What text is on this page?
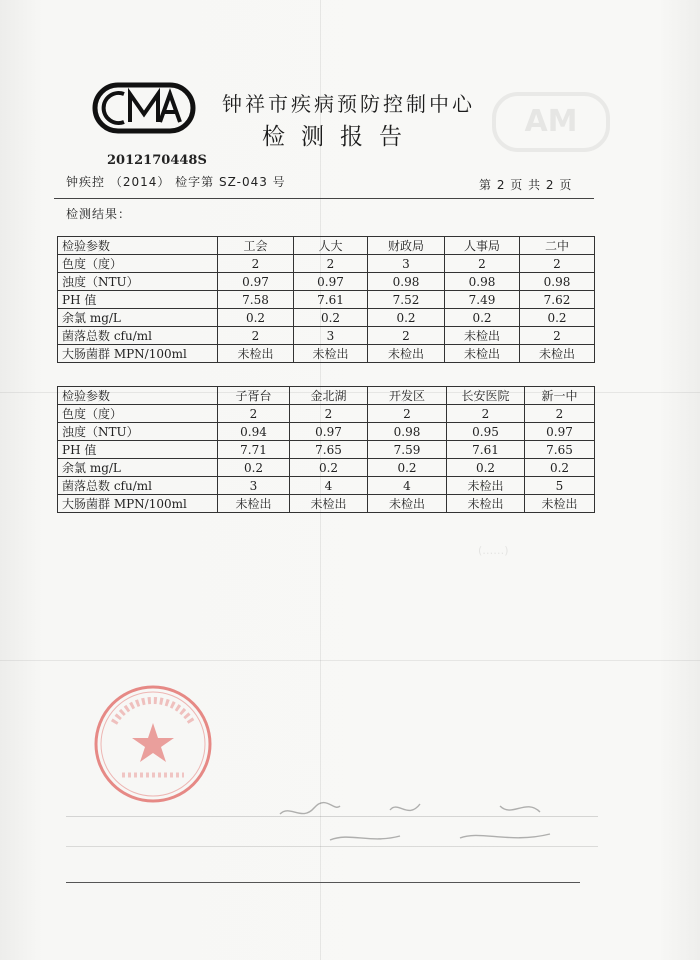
MA
钟祥市疾病预防控制中心
检测报告
2012170448S
钟疾控 （2014） 检字第 SZ-043 号	第 2 页 共 2 页
检测结果：
检验参数	工会	人大	财政局	人事局	二中
色度（度）	2	2	3	2	2
浊度（NTU）	0.97	0.97	0.98	0.98	0.98
PH 值	7.58	7.61	7.52	7.49	7.62
余氯 mg/L	0.2	0.2	0.2	0.2	0.2
菌落总数 cfu/ml	2	3	2	未检出	2
大肠菌群 MPN/100ml	未检出	未检出	未检出	未检出	未检出
检验参数	子胥台	金北湖	开发区	长安医院	新一中
色度（度）	2	2	2	2	2
浊度（NTU）	0.94	0.97	0.98	0.95	0.97
PH 值	7.71	7.65	7.59	7.61	7.65
余氯 mg/L	0.2	0.2	0.2	0.2	0.2
菌落总数 cfu/ml	3	4	4	未检出	5
大肠菌群 MPN/100ml	未检出	未检出	未检出	未检出	未检出
(……)
